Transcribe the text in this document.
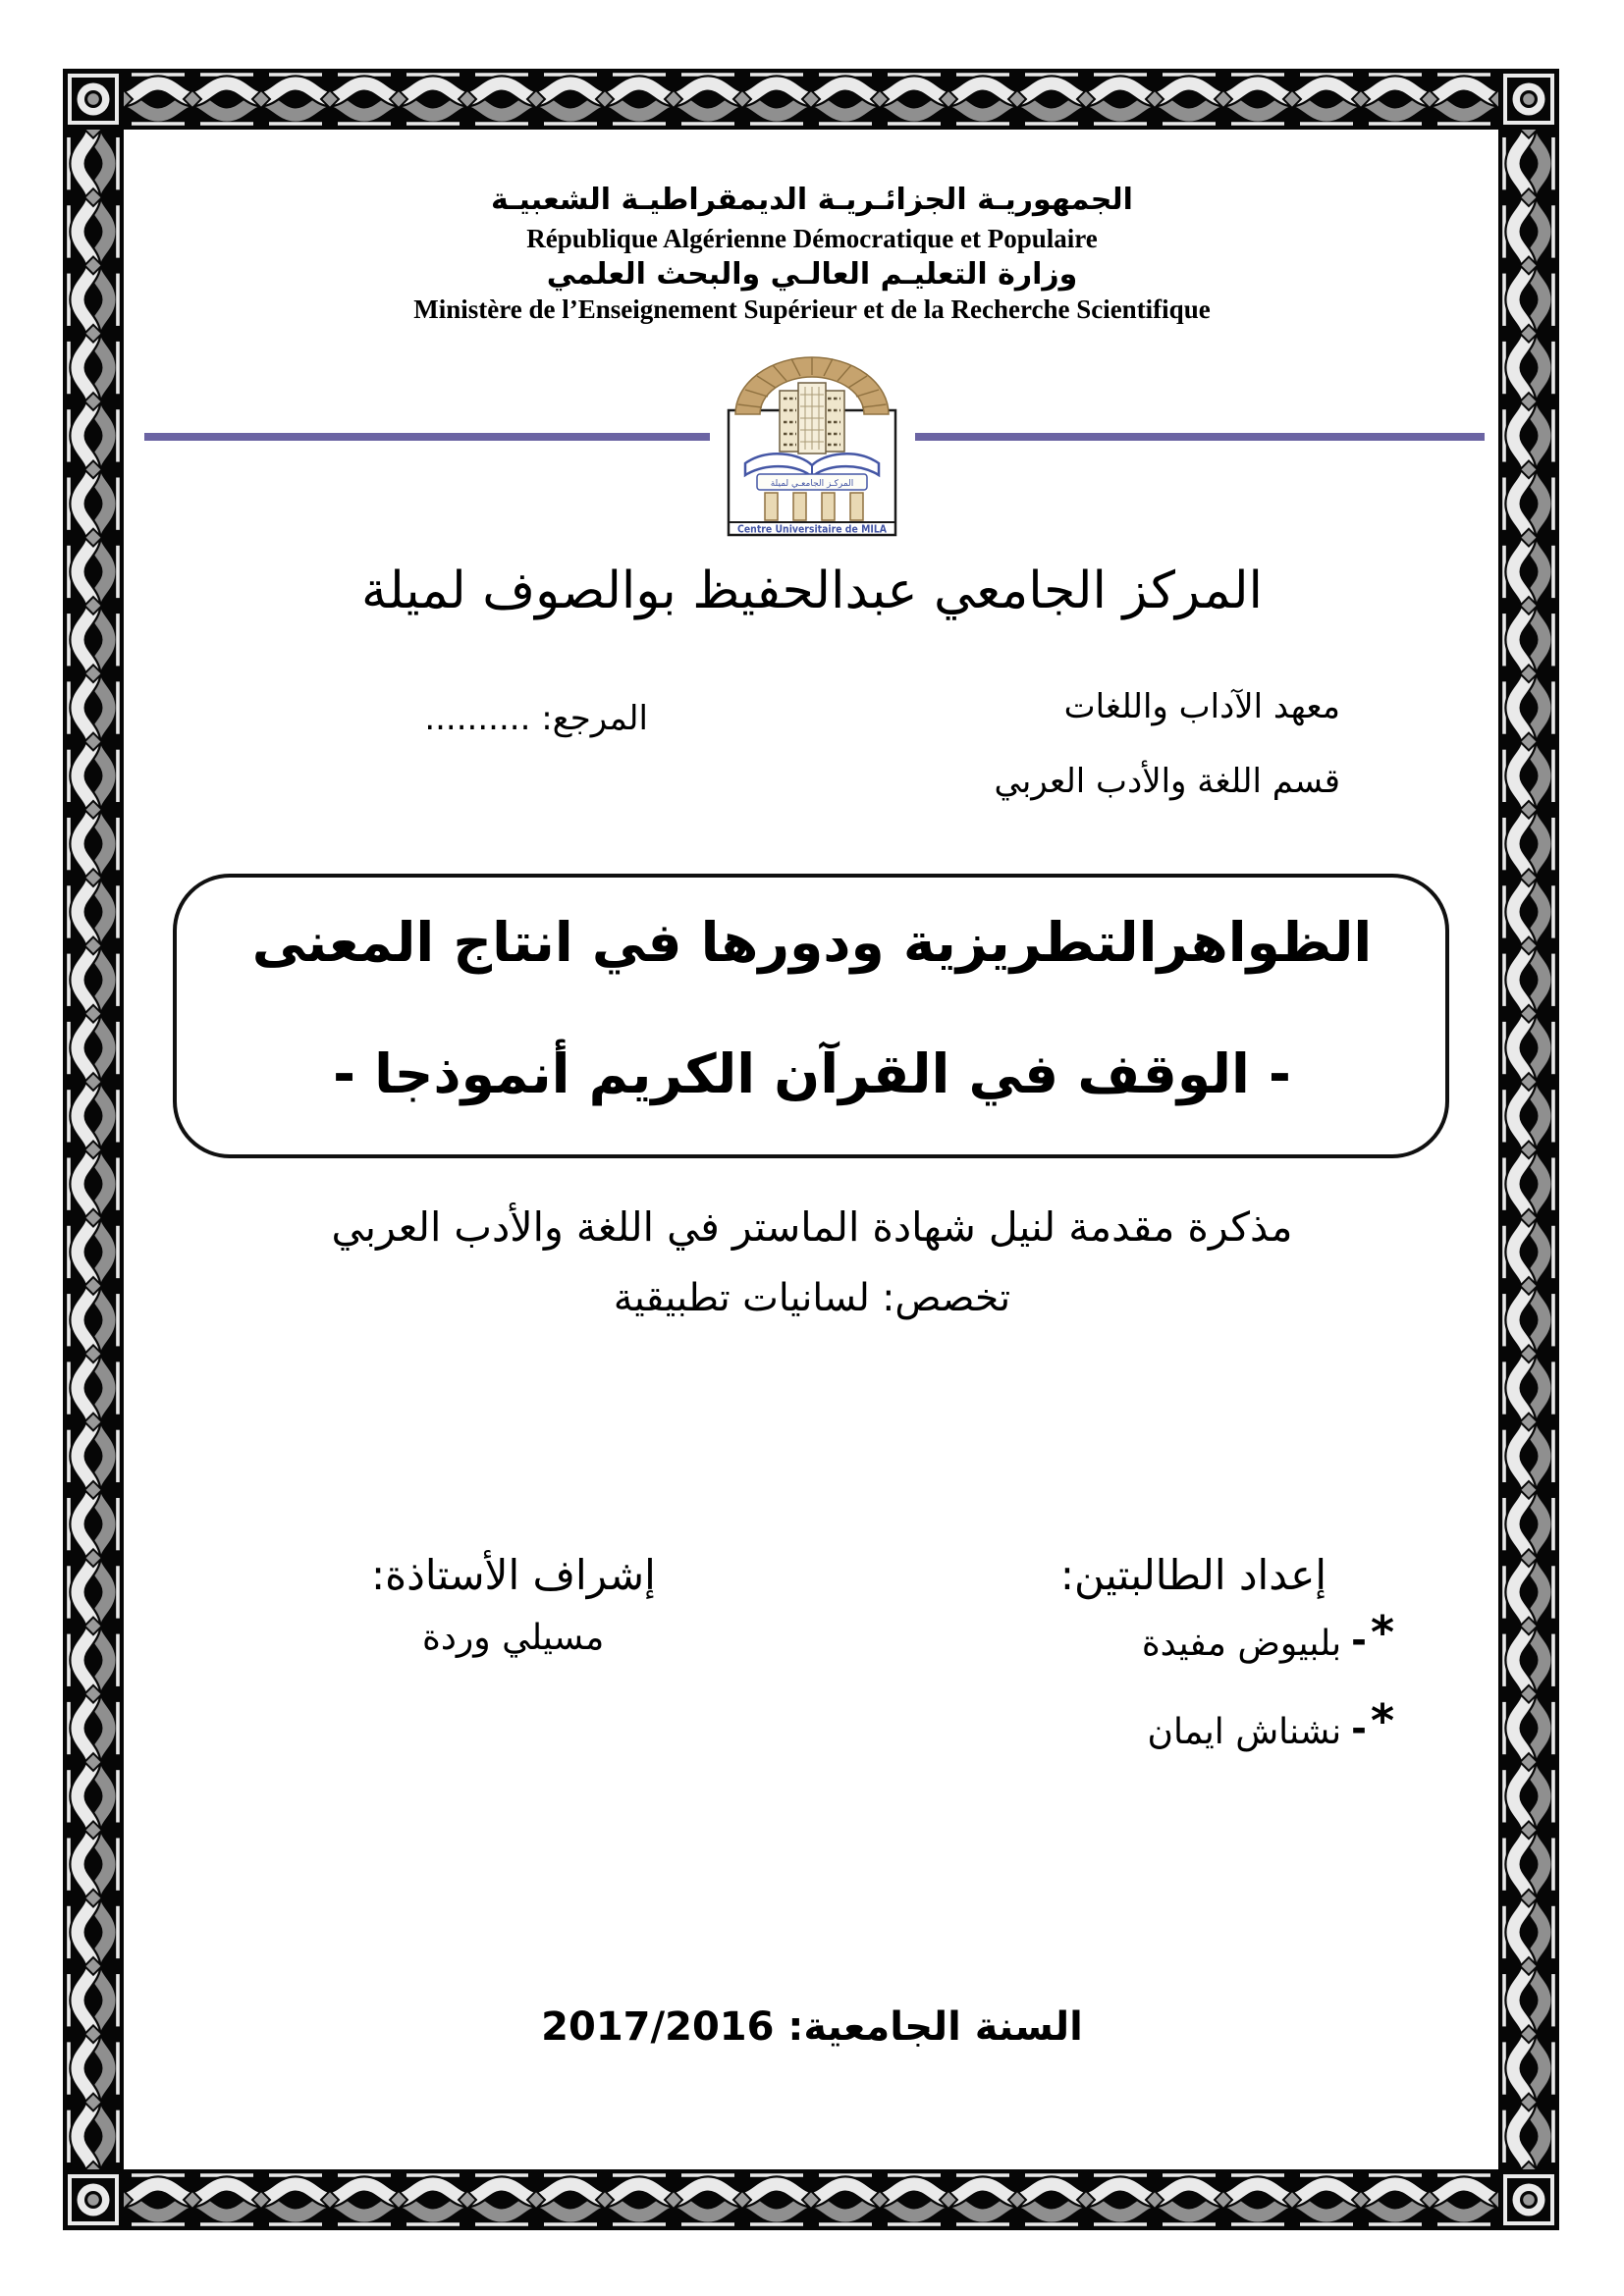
الجمهوريـة الجزائـريـة الديمقراطيـة الشعبيـة
République Algérienne Démocratique et Populaire
وزارة التعليـم العالـي والبحث العلمي
Ministère de l’Enseignement Supérieur et de la Recherche Scientifique
المركـز الجامعـي لميلة
Centre Universitaire de MILA
المركز الجامعي عبدالحفيظ بوالصوف لميلة
معهد الآداب واللغات
قسم اللغة والأدب العربي
المرجع: ..........
الظواهرالتطريزية ودورها في انتاج المعنى
- الوقف في القرآن الكريم أنموذجا -
مذكرة مقدمة لنيل شهادة الماستر في اللغة والأدب العربي
تخصص: لسانيات تطبيقية
إعداد الطالبتين:
إشراف الأستاذة:
*
-
بلبيوض مفيدة
*
-
نشناش ايمان
مسيلي وردة
السنة الجامعية: 2017/2016
